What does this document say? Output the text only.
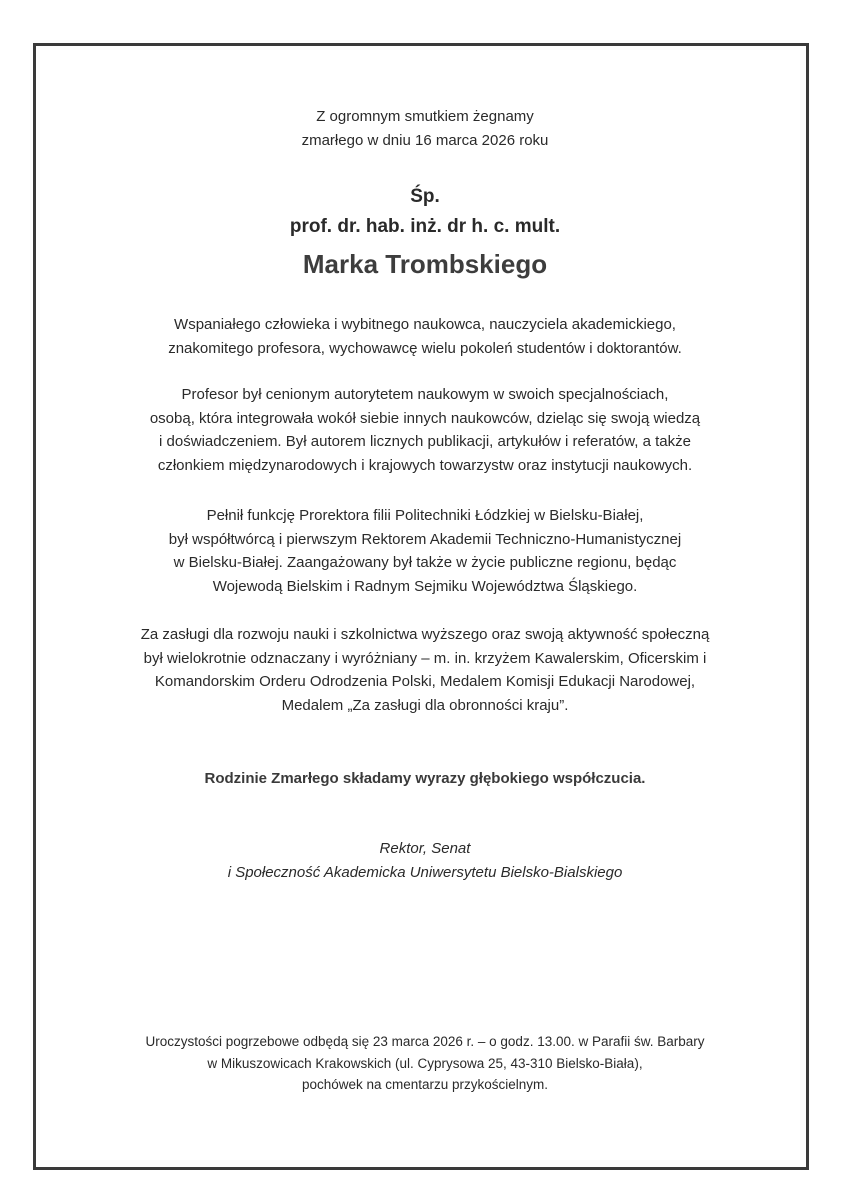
Z ogromnym smutkiem żegnamy
zmarłego w dniu 16 marca 2026 roku
Śp.
prof. dr. hab. inż. dr h. c. mult.
Marka Trombskiego
Wspaniałego człowieka i wybitnego naukowca, nauczyciela akademickiego,
znakomitego profesora, wychowawcę wielu pokoleń studentów i doktorantów.
Profesor był cenionym autorytetem naukowym w swoich specjalnościach,
osobą, która integrowała wokół siebie innych naukowców, dzieląc się swoją wiedzą
i doświadczeniem. Był autorem licznych publikacji, artykułów i referatów, a także
członkiem międzynarodowych i krajowych towarzystw oraz instytucji naukowych.
Pełnił funkcję Prorektora filii Politechniki Łódzkiej w Bielsku-Białej,
był współtwórcą i pierwszym Rektorem Akademii Techniczno-Humanistycznej
w Bielsku-Białej. Zaangażowany był także w życie publiczne regionu, będąc
Wojewodą Bielskim i Radnym Sejmiku Województwa Śląskiego.
Za zasługi dla rozwoju nauki i szkolnictwa wyższego oraz swoją aktywność społeczną
był wielokrotnie odznaczany i wyróżniany – m. in. krzyżem Kawalerskim, Oficerskim i
Komandorskim Orderu Odrodzenia Polski, Medalem Komisji Edukacji Narodowej,
Medalem „Za zasługi dla obronności kraju”.
Rodzinie Zmarłego składamy wyrazy głębokiego współczucia.
Rektor, Senat
i Społeczność Akademicka Uniwersytetu Bielsko-Bialskiego
Uroczystości pogrzebowe odbędą się 23 marca 2026 r. – o godz. 13.00. w Parafii św. Barbary
w Mikuszowicach Krakowskich (ul. Cyprysowa 25, 43-310 Bielsko-Biała),
pochówek na cmentarzu przykościelnym.
